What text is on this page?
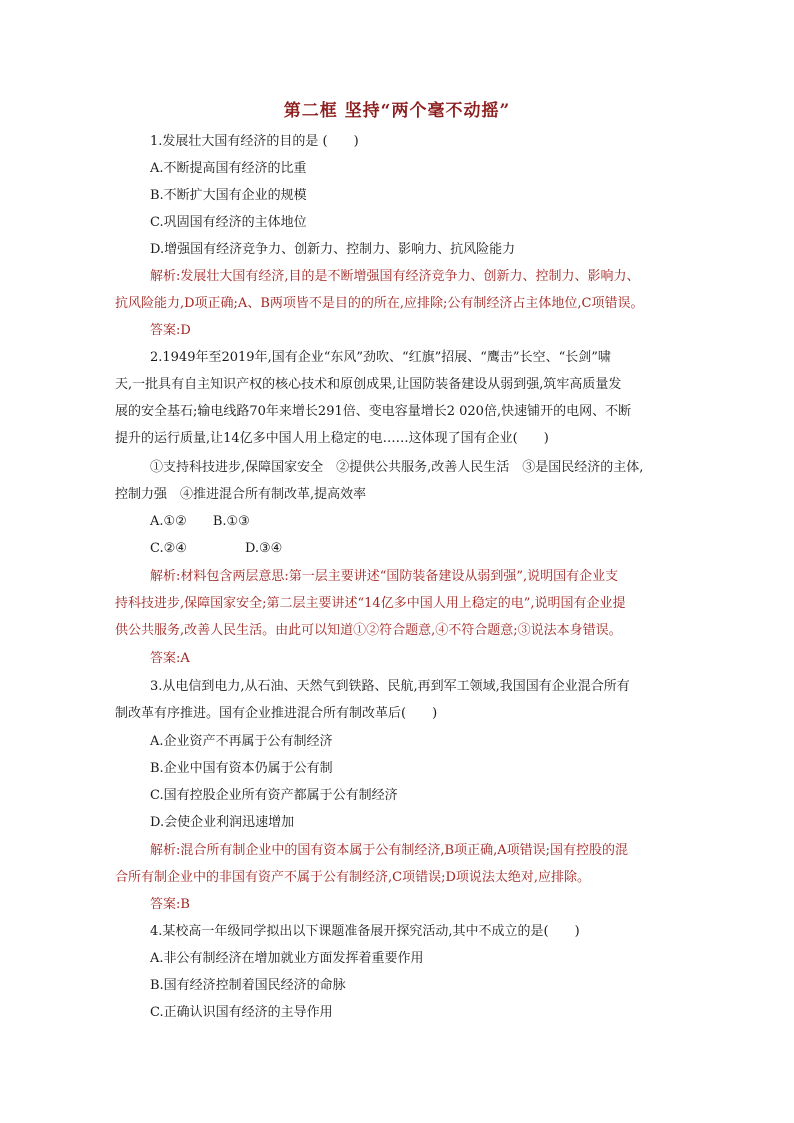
第二框 坚持“两个毫不动摇”
1.发展壮大国有经济的目的是 (　　)
A.不断提高国有经济的比重
B.不断扩大国有企业的规模
C.巩固国有经济的主体地位
D.增强国有经济竞争力、创新力、控制力、影响力、抗风险能力
解析:发展壮大国有经济,目的是不断增强国有经济竞争力、创新力、控制力、影响力、
抗风险能力,D项正确;A、B两项皆不是目的的所在,应排除;公有制经济占主体地位,C项错误。
答案:D
2.1949年至2019年,国有企业“东风”劲吹、“红旗”招展、“鹰击”长空、“长剑”啸
天,一批具有自主知识产权的核心技术和原创成果,让国防装备建设从弱到强,筑牢高质量发
展的安全基石;输电线路70年来增长291倍、变电容量增长2 020倍,快速铺开的电网、不断
提升的运行质量,让14亿多中国人用上稳定的电……这体现了国有企业(　　)
①支持科技进步,保障国家安全　②提供公共服务,改善人民生活　③是国民经济的主体,
控制力强　④推进混合所有制改革,提高效率
A.①② B.①③
C.②④	D.③④
解析:材料包含两层意思:第一层主要讲述“国防装备建设从弱到强”,说明国有企业支
持科技进步,保障国家安全;第二层主要讲述“14亿多中国人用上稳定的电”,说明国有企业提
供公共服务,改善人民生活。由此可以知道①②符合题意,④不符合题意;③说法本身错误。
答案:A
3.从电信到电力,从石油、天然气到铁路、民航,再到军工领域,我国国有企业混合所有
制改革有序推进。国有企业推进混合所有制改革后(　　)
A.企业资产不再属于公有制经济
B.企业中国有资本仍属于公有制
C.国有控股企业所有资产都属于公有制经济
D.会使企业利润迅速增加
解析:混合所有制企业中的国有资本属于公有制经济,B项正确,A项错误;国有控股的混
合所有制企业中的非国有资产不属于公有制经济,C项错误;D项说法太绝对,应排除。
答案:B
4.某校高一年级同学拟出以下课题准备展开探究活动,其中不成立的是(　　)
A.非公有制经济在增加就业方面发挥着重要作用
B.国有经济控制着国民经济的命脉
C.正确认识国有经济的主导作用
